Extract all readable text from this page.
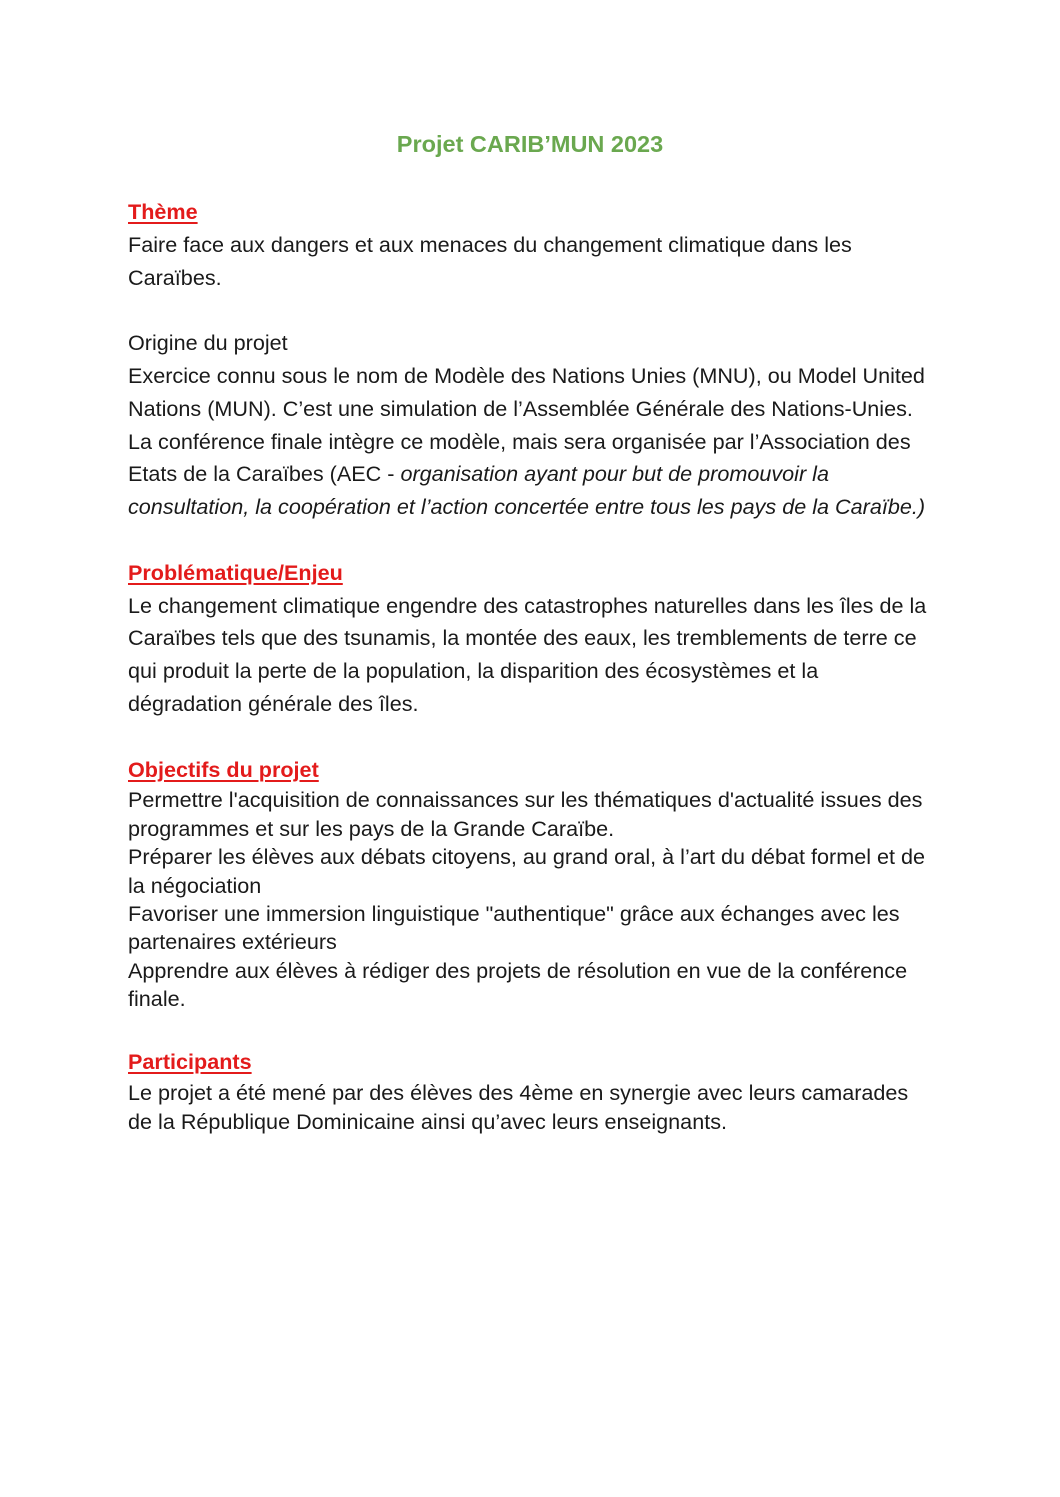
Projet CARIB’MUN 2023
Thème

Faire face aux dangers et aux menaces du changement climatique dans les Caraïbes.

Origine du projet

Exercice connu sous le nom de Modèle des Nations Unies (MNU), ou Model United Nations (MUN). C’est une simulation de l’Assemblée Générale des Nations-Unies. La conférence finale intègre ce modèle, mais sera organisée par l’Association des Etats de la Caraïbes (AEC - organisation ayant pour but de promouvoir la consultation, la coopération et l’action concertée entre tous les pays de la Caraïbe.)

Problématique/Enjeu

Le changement climatique engendre des catastrophes naturelles dans les îles de la Caraïbes tels que des tsunamis, la montée des eaux, les tremblements de terre ce qui produit la perte de la population, la disparition des écosystèmes et la dégradation générale des îles.

Objectifs du projet
Permettre l'acquisition de connaissances sur les thématiques d'actualité issues des programmes et sur les pays de la Grande Caraïbe.
Préparer les élèves aux débats citoyens, au grand oral, à l’art du débat formel et de la négociation
Favoriser une immersion linguistique "authentique" grâce aux échanges avec les partenaires extérieurs
Apprendre aux élèves à rédiger des projets de résolution en vue de la conférence finale.
Participants

Le projet a été mené par des élèves des 4ème en synergie avec leurs camarades de la République Dominicaine ainsi qu’avec leurs enseignants.
